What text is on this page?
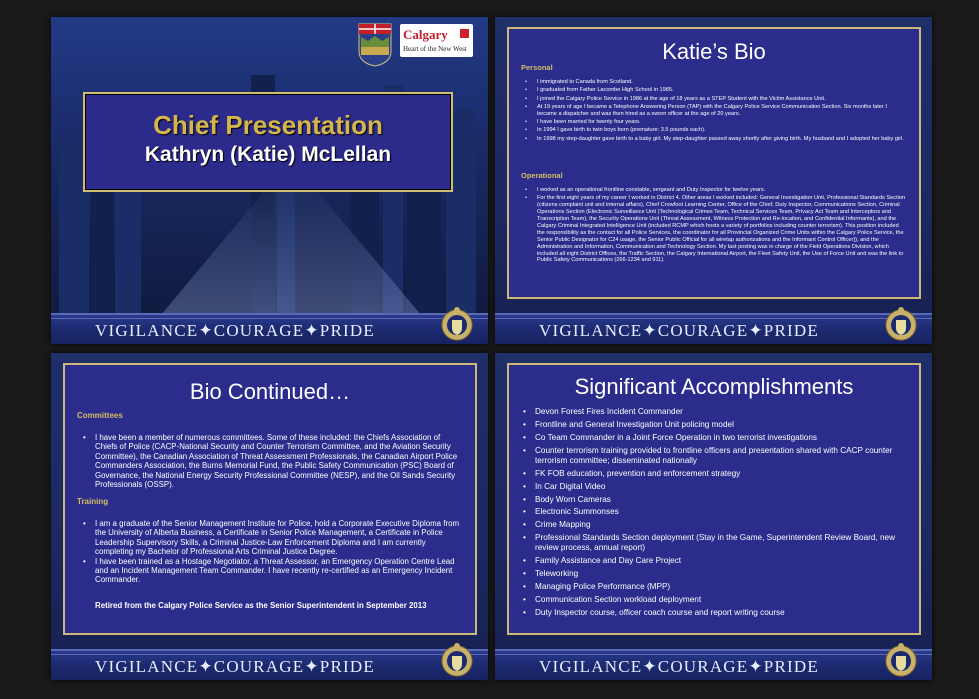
Calgary
Heart of the New West
Chief Presentation
Kathryn (Katie) McLellan
VIGILANCE✦COURAGE✦PRIDE
Katie’s Bio
Personal
• I immigrated to Canada from Scotland.
• I graduated from Father Lacombe High School in 1985.
• I joined the Calgary Police Service in 1986 at the age of 18 years as a STEP Student with the Victim Assistance Unit.
• At 19 years of age I became a Telephone Answering Person (TAP) with the Calgary Police Service Communication Section. Six months later I became a dispatcher and was then hired as a sworn officer at the age of 20 years.
• I have been married for twenty four years.
• In 1994 I gave birth to twin boys born (premature: 3.5 pounds each).
• In 1998 my step-daughter gave birth to a baby girl. My step-daughter passed away shortly after giving birth. My husband and I adopted her baby girl.
Operational
• I worked as an operational frontline constable, sergeant and Duty Inspector for twelve years.
• For the first eight years of my career I worked in District 4. Other areas I worked included: General Investigation Unit, Professional Standards Section (citizens complaint unit and internal affairs), Chief Crowfoot Learning Center, Office of the Chief, Duty Inspector, Communications Section, Criminal Operations Section (Electronic Surveillance Unit (Technological Crimes Team, Technical Services Team, Privacy Act Team and Interceptors and Transcription Team), the Security Operations Unit (Threat Assessment, Witness Protection and Re-location, and Confidential Informants), and the Calgary Criminal Integrated Intelligence Unit (included RCMP which hosts a variety of portfolios including counter terrorism). This position included the responsibility as the contact for all Police Services, the coordinator for all Provincial Organized Crime Units within the Calgary Police Service, the Senior Public Designator for C24 usage, the Senior Public Official for all wiretap authorizations and the Informant Control Officer)), and the Administration and Information, Communication and Technology Section. My last posting was in charge of the Field Operations Division, which included all eight District Offices, the Traffic Section, the Calgary International Airport, the Fleet Safety Unit, the Use of Force Unit and was the link to Public Safety Communications (266-1234 and 911).
VIGILANCE✦COURAGE✦PRIDE
Bio Continued…
Committees
• I have been a member of numerous committees. Some of these included: the Chiefs Association of Chiefs of Police (CACP-National Security and Counter Terrorism Committee, and the Aviation Security Committee), the Canadian Association of Threat Assessment Professionals, the Canadian Airport Police Commanders Association, the Burns Memorial Fund, the Public Safety Communication (PSC) Board of Governance, the National Energy Security Professional Committee (NESP), and the Oil Sands Security Professionals (OSSP).
Training
• I am a graduate of the Senior Management Institute for Police, hold a Corporate Executive Diploma from the University of Alberta Business, a Certificate in Senior Police Management, a Certificate in Police Leadership Supervisory Skills, a Criminal Justice-Law Enforcement Diploma and I am currently completing my Bachelor of Professional Arts Criminal Justice Degree.
• I have been trained as a Hostage Negotiator, a Threat Assessor, an Emergency Operation Centre Lead and an Incident Management Team Commander. I have recently re-certified as an Emergency Incident Commander.
Retired from the Calgary Police Service as the Senior Superintendent in September 2013
VIGILANCE✦COURAGE✦PRIDE
Significant Accomplishments
• Devon Forest Fires Incident Commander
• Frontline and General Investigation Unit policing model
• Co Team Commander in a Joint Force Operation in two terrorist investigations
• Counter terrorism training provided to frontline officers and presentation shared with CACP counter terrorism committee; disseminated nationally
• FK FOB education, prevention and enforcement strategy
• In Car Digital Video
• Body Worn Cameras
• Electronic Summonses
• Crime Mapping
• Professional Standards Section deployment (Stay in the Game, Superintendent Review Board, new review process, annual report)
• Family Assistance and Day Care Project
• Teleworking
• Managing Police Performance (MPP)
• Communication Section workload deployment
• Duty Inspector course, officer coach course and report writing course
VIGILANCE✦COURAGE✦PRIDE
